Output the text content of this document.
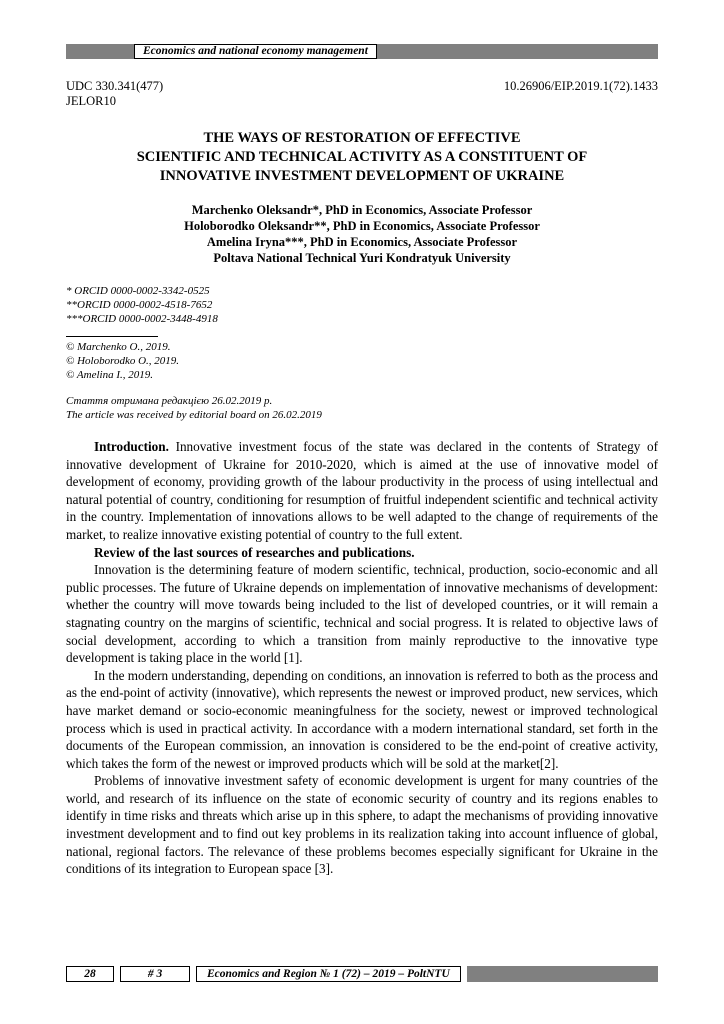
Economics and national economy management
UDC 330.341(477)	10.26906/EIP.2019.1(72).1433
JELOR10
THE WAYS OF RESTORATION OF EFFECTIVE
SCIENTIFIC AND TECHNICAL ACTIVITY AS A CONSTITUENT OF
INNOVATIVE INVESTMENT DEVELOPMENT OF UKRAINE
Marchenko Oleksandr*, PhD in Economics, Associate Professor
Holoborodko Oleksandr**, PhD in Economics, Associate Professor
Amelina Iryna***, PhD in Economics, Associate Professor
Poltava National Technical Yuri Kondratyuk University
* ORCID 0000-0002-3342-0525
**ORCID 0000-0002-4518-7652
***ORCID 0000-0002-3448-4918
© Marchenko O., 2019.
© Holoborodko O., 2019.
© Amelina I., 2019.
Стаття отримана редакцією 26.02.2019 р.
The article was received by editorial board on 26.02.2019

Introduction. Innovative investment focus of the state was declared in the contents of Strategy of innovative development of Ukraine for 2010-2020, which is aimed at the use of innovative model of development of economy, providing growth of the labour productivity in the process of using intellectual and natural potential of country, conditioning for resumption of fruitful independent scientific and technical activity in the country. Implementation of innovations allows to be well adapted to the change of requirements of the market, to realize innovative existing potential of country to the full extent.

Review of the last sources of researches and publications.

Innovation is the determining feature of modern scientific, technical, production, socio-economic and all public processes. The future of Ukraine depends on implementation of innovative mechanisms of development: whether the country will move towards being included to the list of developed countries, or it will remain a stagnating country on the margins of scientific, technical and social progress. It is related to objective laws of social development, according to which a transition from mainly reproductive to the innovative type development is taking place in the world [1].

In the modern understanding, depending on conditions, an innovation is referred to both as the process and as the end-point of activity (innovative), which represents the newest or improved product, new services, which have market demand or socio-economic meaningfulness for the society, newest or improved technological process which is used in practical activity. In accordance with a modern international standard, set forth in the documents of the European commission, an innovation is considered to be the end-point of creative activity, which takes the form of the newest or improved products which will be sold at the market[2].

Problems of innovative investment safety of economic development is urgent for many countries of the world, and research of its influence on the state of economic security of country and its regions enables to identify in time risks and threats which arise up in this sphere, to adapt the mechanisms of providing innovative investment development and to find out key problems in its realization taking into account influence of global, national, regional factors. The relevance of these problems becomes especially significant for Ukraine in the conditions of its integration to European space [3].

28	# 3	Economics and Region № 1 (72) – 2019 – PoltNTU
